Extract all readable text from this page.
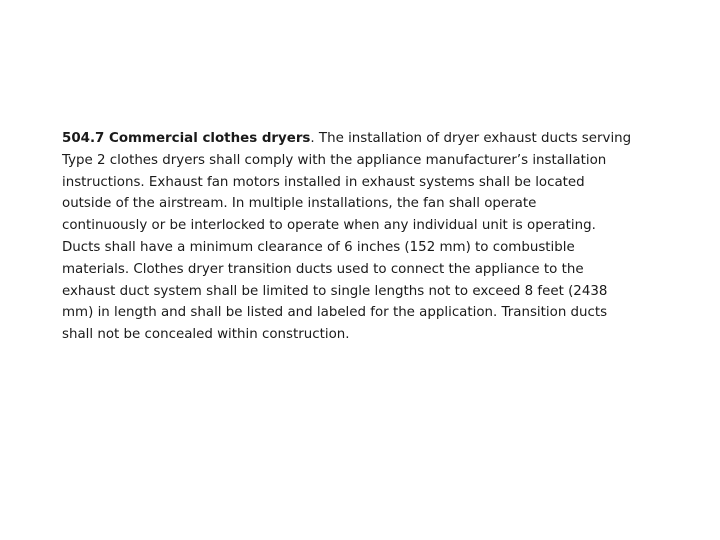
504.7 Commercial clothes dryers. The installation of dryer exhaust ducts serving
Type 2 clothes dryers shall comply with the appliance manufacturer’s installation
instructions. Exhaust fan motors installed in exhaust systems shall be located
outside of the airstream. In multiple installations, the fan shall operate
continuously or be interlocked to operate when any individual unit is operating.
Ducts shall have a minimum clearance of 6 inches (152 mm) to combustible
materials. Clothes dryer transition ducts used to connect the appliance to the
exhaust duct system shall be limited to single lengths not to exceed 8 feet (2438
mm) in length and shall be listed and labeled for the application. Transition ducts
shall not be concealed within construction.
